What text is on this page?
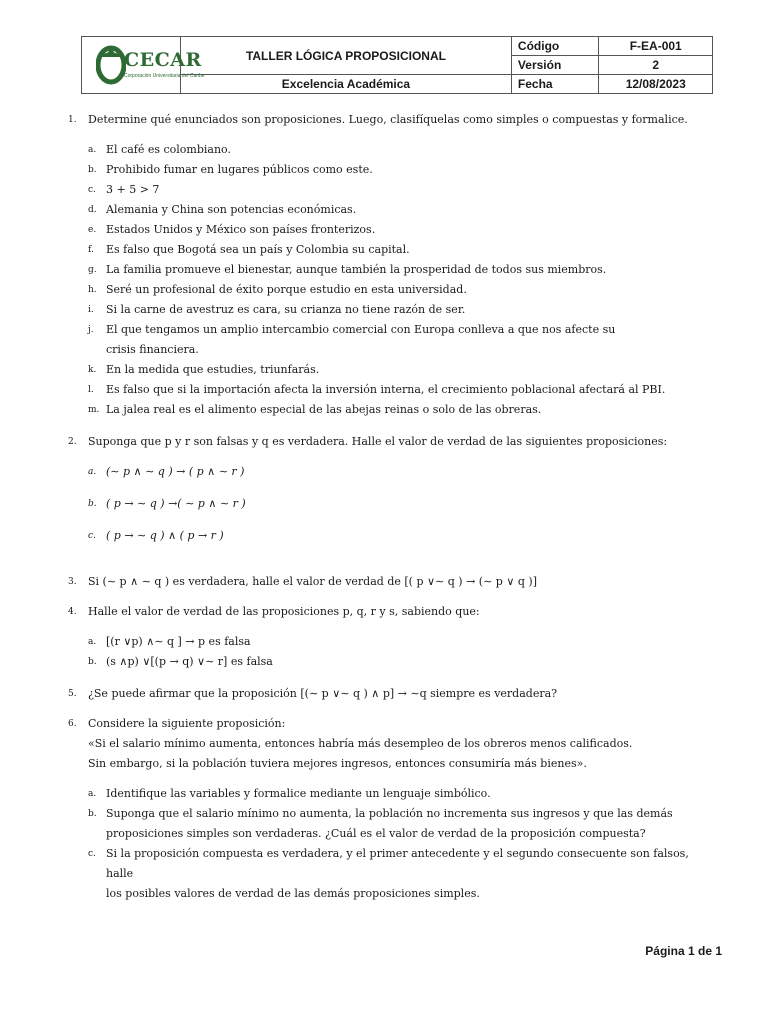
CECAR
Corporación Universitaria del Caribe	TALLER LÓGICA PROPOSICIONAL	Código	F-EA-001
		Versión	2
	Excelencia Académica	Fecha	12/08/2023

1. Determine qué enunciados son proposiciones. Luego, clasifíquelas como simples o compuestas y formalice.

a. El café es colombiano.

b. Prohibido fumar en lugares públicos como este.

c. 3 + 5 > 7

d. Alemania y China son potencias económicas.

e. Estados Unidos y México son países fronterizos.

f. Es falso que Bogotá sea un país y Colombia su capital.

g. La familia promueve el bienestar, aunque también la prosperidad de todos sus miembros.

h. Seré un profesional de éxito porque estudio en esta universidad.

i. Si la carne de avestruz es cara, su crianza no tiene razón de ser.

j. El que tengamos un amplio intercambio comercial con Europa conlleva a que nos afecte su

crisis financiera.

k. En la medida que estudies, triunfarás.

l. Es falso que si la importación afecta la inversión interna, el crecimiento poblacional afectará al PBI.

m. La jalea real es el alimento especial de las abejas reinas o solo de las obreras.

2. Suponga que p y r son falsas y q es verdadera. Halle el valor de verdad de las siguientes proposiciones:

a. (∼ p ∧ ∼ q ) → ( p ∧ ∼ r )

b. ( p → ∼ q ) →( ∼ p ∧ ∼ r )

c. ( p → ∼ q ) ∧ ( p → r )

3. Si (∼ p ∧ ∼ q ) es verdadera, halle el valor de verdad de [( p ∨∼ q ) → (∼ p ∨ q )]

4. Halle el valor de verdad de las proposiciones p, q, r y s, sabiendo que:

a. [(r ∨p) ∧∼ q ] → p es falsa

b. (s ∧p) ∨[(p → q) ∨∼ r] es falsa

5. ¿Se puede afirmar que la proposición [(∼ p ∨∼ q ) ∧ p] → ∼q siempre es verdadera?

6. Considere la siguiente proposición:

«Si el salario mínimo aumenta, entonces habría más desempleo de los obreros menos calificados.

Sin embargo, si la población tuviera mejores ingresos, entonces consumiría más bienes».

a. Identifique las variables y formalice mediante un lenguaje simbólico.

b. Suponga que el salario mínimo no aumenta, la población no incrementa sus ingresos y que las demás

proposiciones simples son verdaderas. ¿Cuál es el valor de verdad de la proposición compuesta?

c. Si la proposición compuesta es verdadera, y el primer antecedente y el segundo consecuente son falsos, halle

los posibles valores de verdad de las demás proposiciones simples.

Página 1 de 1
